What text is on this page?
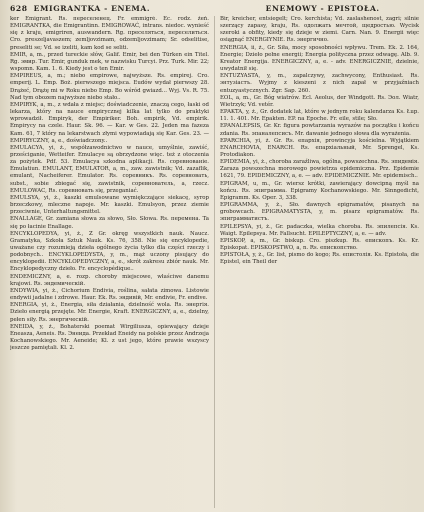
628 EMIGRANTKA - ENEMA.	ENEMOWY - EPISTOŁA.

ker Emigrant. Rs. переселенец. Fr. emmigré. Ec. rodz. żeń. EMIGRANTKA, die Emigrantinn. EMIGROWAĆ, intrans. niedoc. wynieść się z kraju, emigriren, auswandern. Rg. преселяться, переселиться. Cro. preszeljavaszem; zemljovzimam, odzemljovzimam; Sr. odselitise, preseliti se; Vd. se izeliti, kam kod se seliti.

EMIR, a, m., przed tureckie słów, Galif. Emir, bei den Türken ein Titel. Rg. эмир. Tur. Emir, gunduk mek, w nazwisku Turcyi. Prz. Turk. Mir. 22; wspomn. Kam. 1. 6. Kiedy jest o ten Emir.

EMPIREUS, a, m.; niebo empirowe, najwyższe. Rs. empirej. Cro. emperij. L. Emp. Boż. pierwszego miejsca. Eudów wydał pierwszy 28. Drążeć, Drążę mi w Roku niebo Emp. Bo wśród gwiazd... Wyj. Vs. R. 75. Nad tym obozem najwyższe niebo stało..

EMPIRYK, a, m., z wdała z miejsc; doświadczenie, znaczą cego, łaski od lekarza, który na nauce empirycznej kilka lat tylko do praktyki wprowadził. Empiryk, der Empiriker. Boh. empirik, Vd. empirik. Empirycy na czele. Haur. Sk. 96. — Kar. w Ges. 22. Jeden ma fazeza Kam. 61, 7 który na lekarstwach złymi wypowiadają się Kar. Ges. 23. — EMPIRYCZNY, a, e., doświadczony..

EMULACYA, yi, ż., współzawodnictwo w nauce, umyślnie, zawiść, prześciganie, Wetteifer. Emulacye są obrzydzone więc. też z otoczenia za pożytek. Pdf. 53. Emulacya szkodna aplikacji. Rs. соревнованіе. Emulatiun. EMULANT, EMULATOR, a, m., zaw. zawistnik; Vd. zazaflik, emulant, Nacheiferer. Emulator. Rs. соревникъ. Rs. соревновать, subst., sobie zbiegać się, zawistnik, соревнователь, a, rzecz. EMULOWAC, Rs. соревновать się, przeganiać.

EMULSYA, yi, ż., kaszki emulsowane wymiękczające siekacę, syrop brzeczkowy, mleczne napoje. Mr. kaszki. Emulsyon, przez ziemie przeciwnie, Unterhaltungsmittel.

ENALLAGE, Gr. zamiana słowa za słowo, Sło. Słowa. Rs. перемена. Ta się po łacinie Enallage.

ENCYKLOPEDYA, yi, ż., Z Gr. okręg wszystkich nauk. Naucz. Gramatyka, Szkoła Sztuk Nauk. Ks. 76, 358. Nie się encyklopedie, uważane czy rozumieją dzieła ogólnego życia tylko dla części rzeczy i podobnych.. ENCYKLOPEDYSTA, y, m., mąż uczony pisujący do encyklopedii. ENCYKLOPEDYCZNY, a, e., skrót zakresu zbiór nauk. Mr. Encyklopedyczny dzieło. Fr. encyclopédique..

ENDEMICZNY, a, e. rozp. choroby miejscowe, właściwe danemu krajowi. Rs. эндемическій.

ENDYWIA, yi, ż., Cichorium Endivia, roślina, sałata zimowa. Listowie endywii jadalne i zdrowe. Haur. Ek. Rs. эндивій, Mr. endivie, Fr. endive.

ENERGIA, yi, ż., Energia, siła działania, dzielność wola. Rs. энергія. Dzieło energią przejęte. Mr. Energie, Kraft. ENERGICZNY, a, e., dzielny, pełen siły. Rs. энергическій.

ENEIDA, y, ż., Bohaterski poemat Wirgiliusza, opiewający dzieje Eneasza, Aeneis. Rs. Энеида. Przekład Eneidy na polskie przez Andrzeja Kochanowskiego. Mr. Aeneide; Kl. z ust jego, które prawie wszyscy jeszcze pamiętali. Kl. 2.

Bir, kreicher, entsiegelt; Cro. kerchista; Vd. zaslashenost, zagri; silnie szerzący zapasy, kraju, Rs. одолжать мечтой, щедростью. Wycisk szeroki a obfity, kiedy się dzieje w ziemi. Carn. Nan. 9. Energii więc osiągnąć ENERGIYNIE. Rs. энергично.

ENERGIA, ii, ż., Gr. Siła, mocy sposobności wpływu. Trem. Ek. 2. 164, Energie; Dzieło pełne energii; Energia polityczna przez odwagę. Alb. 9. Kreator Energija. ENERGICZNY, a, e. - adv. ENERGICZNIE, dzielnie, uwydatnił się.

ENTUZYASTA, y, m., zapalczywy, zachwycony, Enthusiast. Rs. энтузіастъ. Wyjmy z kieszeni z nich zapał w przyjaźniach entuzyastycznych. Zgr. Sap. 260.

EOL, a, m., Gr. Bóg wiatrów. Ecl. Aeolus, der Windgott. Rs. Эол. Wiatr, Wietrzyk; Vd. vetér.

EPAKTA, y, ż., Gr. dodatek lat, które w jednym roku kalendarza Ks. Łup. 11. 1. 401. Mr. Epakten. EP. na Epoche. Fr. eile, stile; Sło.

EPANALEPSIS, Gr. Kr. figura powtarzania wyrazów na początku i końcu zdania. Rs. эпаналепсисъ. Mr. dawanie jednego słowa dla wyrażenia.

EPARCHIA, yi, ż. Gr. Rs. епархія, prowincyja kościelna. Wyjątkiem ENARCHOVIA, ENARCH. Rs. епархіальный, Mr. Sprengel, Ks. Protodiakon.

EPIDEMIA, yi, ż., choroba zaraźliwa, ogólna, powszechna. Rs. эпидемія. Zaraza powszechna morowego powietrza epidemiczna. Prz. Epidemie 1621, 79. EPIDEMICZNY, a, e. — adv. EPIDEMICZNIE. Mr. epidemisch..

EPIGRAM, u, m., Gr. wiersz krótki, zawierający dowcipną myśl na końcu. Rs. эпиграмма. Epigramy Kochanowskiego. Mr. Sinngedicht, Epigramm. Ks. Oper. 3, 338.

EPIGRAMMA, y, ż., Sło. dawnych epigramatów, pisanych na grobowcach. EPIGRAMATYSTA, y, m. pisarz epigramatów. Rs. эпиграмматистъ.

EPILEPSYA, yi, ż., Gr. padaczka, wielka choroba. Rs. эпилепсія. Ks. Waigt. Epilepsya. Mr. Fallsucht. EPILEPTYCZNY, a, e. — adv.

EPISKOP, a, m., Gr. biskup. Cro. piszkup. Rs. епископъ. Ks. Kr. Episkopat. EPISKOPSTWO, a, n. Rs. епископство.

EPISTOŁA, y, ż., Gr. list, pismo do kogo; Rs. епистолія. Ks. Epistoła, die Epistel, ein Theil der
